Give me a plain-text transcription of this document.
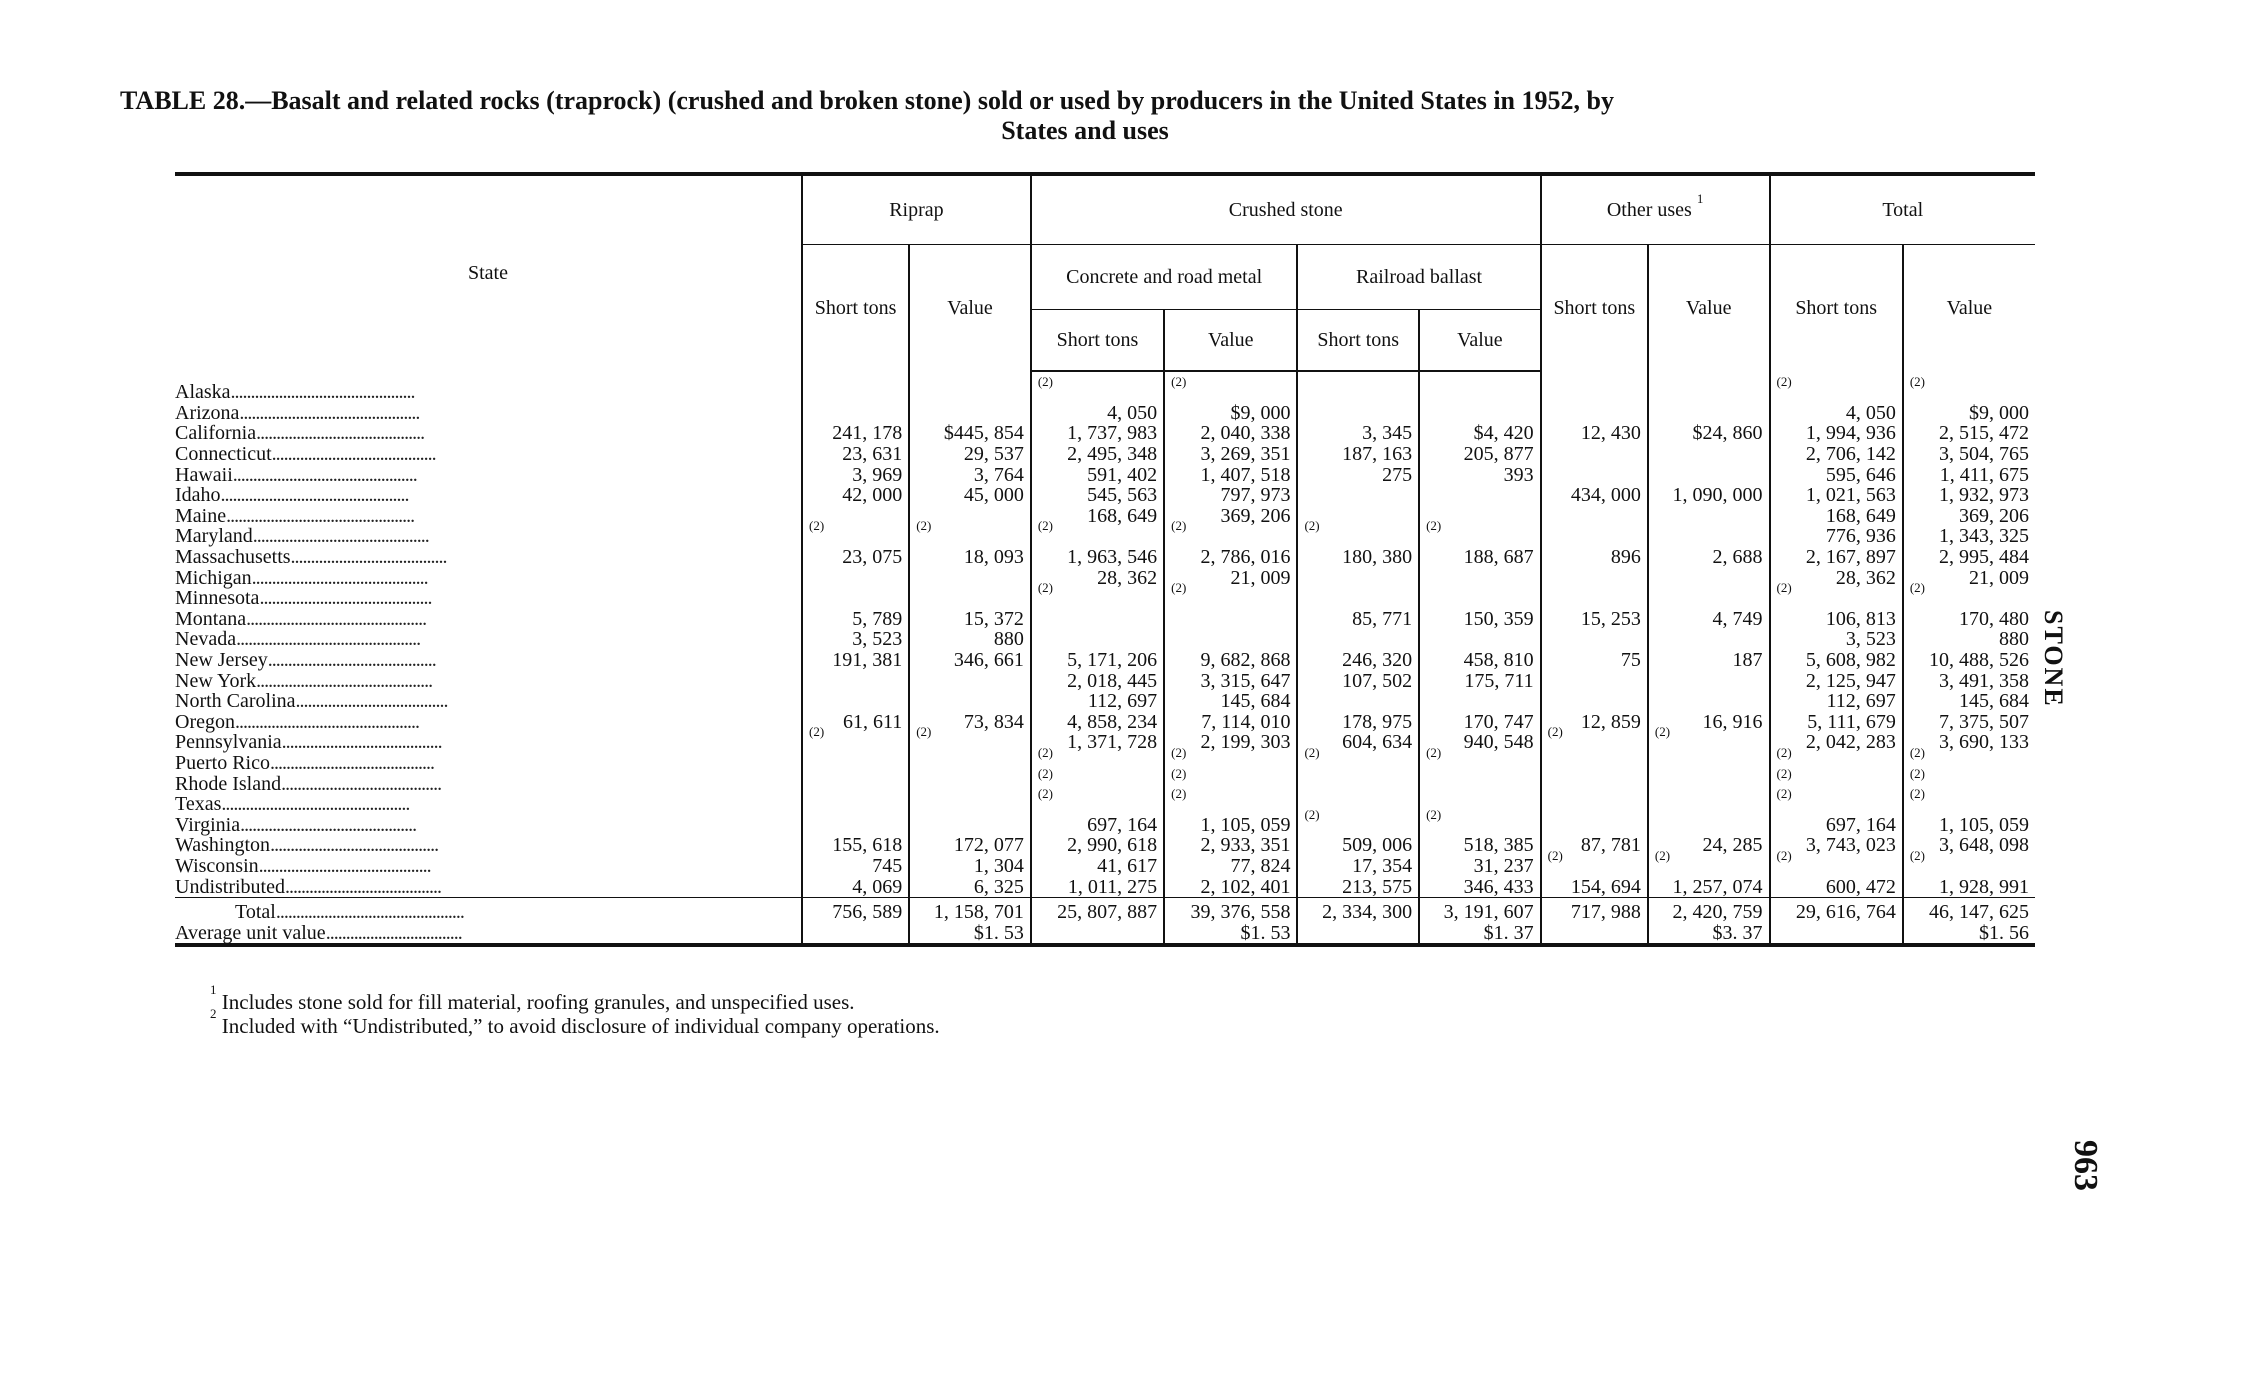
TABLE 28.—Basalt and related rocks (traprock) (crushed and broken stone) sold or used by producers in the United States in 1952, by
States and uses
State	Riprap		Crushed stone				Other uses $^1$		Total	
	Short tons	Value	Concrete and road metal		Railroad ballast		Short tons	Value	Short tons	Value
			Short tons	Value	Short tons	Value				

Alaska..............................................			$^{(2)}$	$^{(2)}$					$^{(2)}$	$^{(2)}$
Arizona.............................................			4, 050	$9, 000					4, 050	$9, 000
California..........................................	241, 178	$445, 854	1, 737, 983	2, 040, 338	3, 345	$4, 420	12, 430	$24, 860	1, 994, 936	2, 515, 472
Connecticut.........................................	23, 631	29, 537	2, 495, 348	3, 269, 351	187, 163	205, 877			2, 706, 142	3, 504, 765
Hawaii..............................................	3, 969	3, 764	591, 402	1, 407, 518	275	393			595, 646	1, 411, 675
Idaho...............................................	42, 000	45, 000	545, 563	797, 973			434, 000	1, 090, 000	1, 021, 563	1, 932, 973
Maine...............................................			168, 649	369, 206					168, 649	369, 206
Maryland............................................	$^{(2)}$	$^{(2)}$	$^{(2)}$	$^{(2)}$	$^{(2)}$	$^{(2)}$			776, 936	1, 343, 325
Massachusetts.......................................	23, 075	18, 093	1, 963, 546	2, 786, 016	180, 380	188, 687	896	2, 688	2, 167, 897	2, 995, 484
Michigan............................................			28, 362	21, 009					28, 362	21, 009
Minnesota...........................................			$^{(2)}$	$^{(2)}$					$^{(2)}$	$^{(2)}$
Montana.............................................	5, 789	15, 372			85, 771	150, 359	15, 253	4, 749	106, 813	170, 480
Nevada..............................................	3, 523	880							3, 523	880
New Jersey..........................................	191, 381	346, 661	5, 171, 206	9, 682, 868	246, 320	458, 810	75	187	5, 608, 982	10, 488, 526
New York............................................			2, 018, 445	3, 315, 647	107, 502	175, 711			2, 125, 947	3, 491, 358
North Carolina......................................			112, 697	145, 684					112, 697	145, 684
Oregon..............................................	61, 611	73, 834	4, 858, 234	7, 114, 010	178, 975	170, 747	12, 859	16, 916	5, 111, 679	7, 375, 507
Pennsylvania........................................	$^{(2)}$	$^{(2)}$	1, 371, 728	2, 199, 303	604, 634	940, 548	$^{(2)}$	$^{(2)}$	2, 042, 283	3, 690, 133
Puerto Rico.........................................			$^{(2)}$	$^{(2)}$	$^{(2)}$	$^{(2)}$			$^{(2)}$	$^{(2)}$
Rhode Island........................................			$^{(2)}$	$^{(2)}$					$^{(2)}$	$^{(2)}$
Texas...............................................			$^{(2)}$	$^{(2)}$					$^{(2)}$	$^{(2)}$
Virginia............................................			697, 164	1, 105, 059	$^{(2)}$	$^{(2)}$			697, 164	1, 105, 059
Washington..........................................	155, 618	172, 077	2, 990, 618	2, 933, 351	509, 006	518, 385	87, 781	24, 285	3, 743, 023	3, 648, 098
Wisconsin...........................................	745	1, 304	41, 617	77, 824	17, 354	31, 237	$^{(2)}$	$^{(2)}$	$^{(2)}$	$^{(2)}$
Undistributed.......................................	4, 069	6, 325	1, 011, 275	2, 102, 401	213, 575	346, 433	154, 694	1, 257, 074	600, 472	1, 928, 991
Total...............................................	756, 589	1, 158, 701	25, 807, 887	39, 376, 558	2, 334, 300	3, 191, 607	717, 988	2, 420, 759	29, 616, 764	46, 147, 625
Average unit value..................................		$1. 53		$1. 53		$1. 37		$3. 37		$1. 56

$^1$ Includes stone sold for fill material, roofing granules, and unspecified uses.
$^2$ Included with “Undistributed,” to avoid disclosure of individual company operations.
STONE
963
